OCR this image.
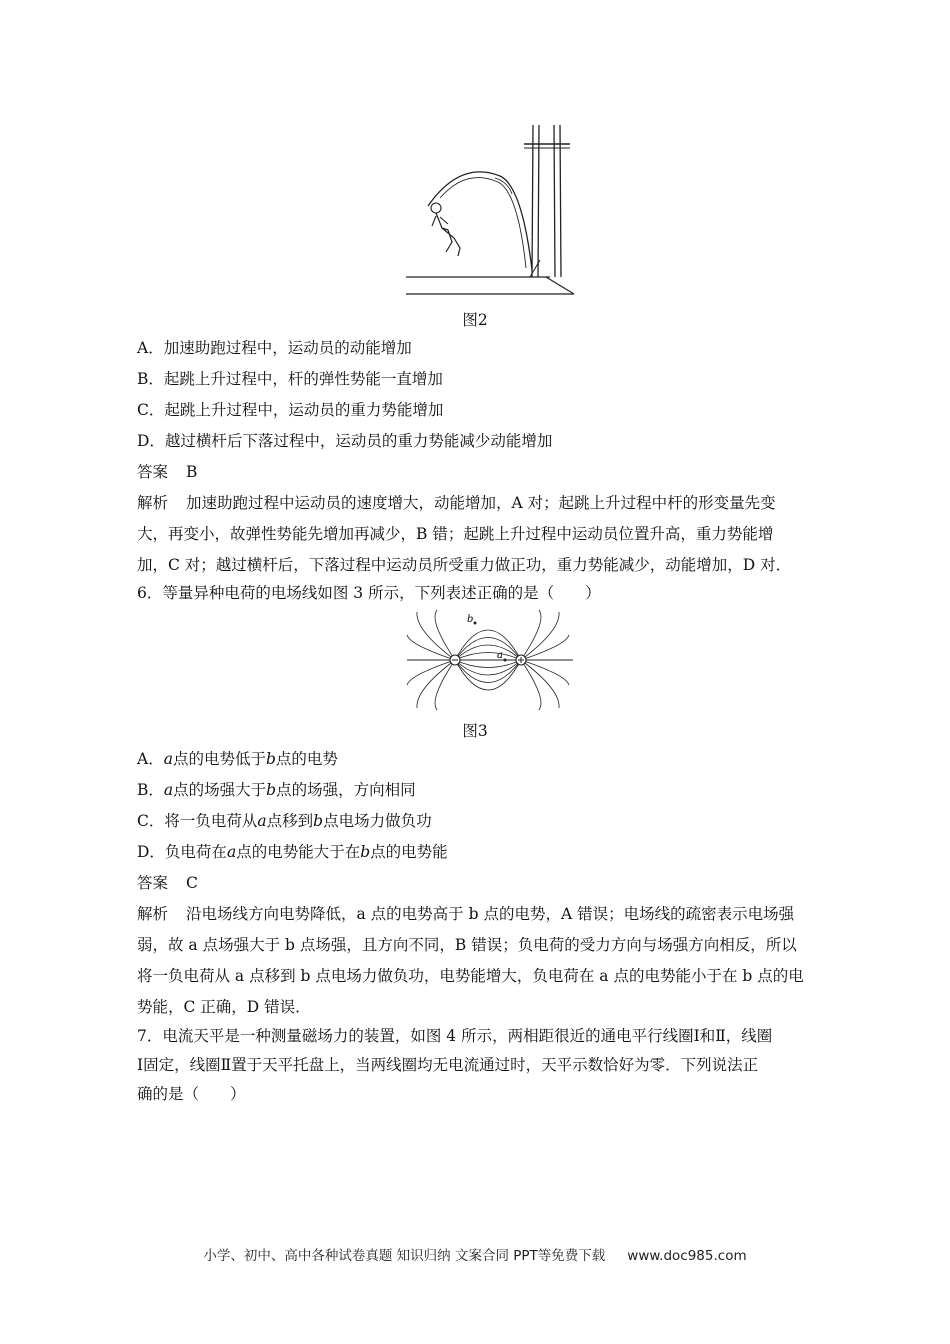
图2
A．加速助跑过程中，运动员的动能增加
B．起跳上升过程中，杆的弹性势能一直增加
C．起跳上升过程中，运动员的重力势能增加
D．越过横杆后下落过程中，运动员的重力势能减少动能增加
答案 B
解析 加速助跑过程中运动员的速度增大，动能增加，A 对；起跳上升过程中杆的形变量先变
大，再变小，故弹性势能先增加再减少，B 错；起跳上升过程中运动员位置升高，重力势能增
加，C 对；越过横杆后，下落过程中运动员所受重力做正功，重力势能减少，动能增加，D 对．
6．等量异种电荷的电场线如图 3 所示，下列表述正确的是（　　）
b
a
图3
A．a点的电势低于b点的电势
B．a点的场强大于b点的场强，方向相同
C．将一负电荷从a点移到b点电场力做负功
D．负电荷在a点的电势能大于在b点的电势能
答案 C
解析 沿电场线方向电势降低，a 点的电势高于 b 点的电势，A 错误；电场线的疏密表示电场强
弱，故 a 点场强大于 b 点场强，且方向不同，B 错误；负电荷的受力方向与场强方向相反，所以
将一负电荷从 a 点移到 b 点电场力做负功，电势能增大，负电荷在 a 点的电势能小于在 b 点的电
势能，C 正确，D 错误．
7．电流天平是一种测量磁场力的装置，如图 4 所示，两相距很近的通电平行线圈Ⅰ和Ⅱ，线圈
Ⅰ固定，线圈Ⅱ置于天平托盘上，当两线圈均无电流通过时，天平示数恰好为零．下列说法正
确的是（　　）
小学、初中、高中各种试卷真题 知识归纳 文案合同 PPT等免费下载 www.doc985.com
